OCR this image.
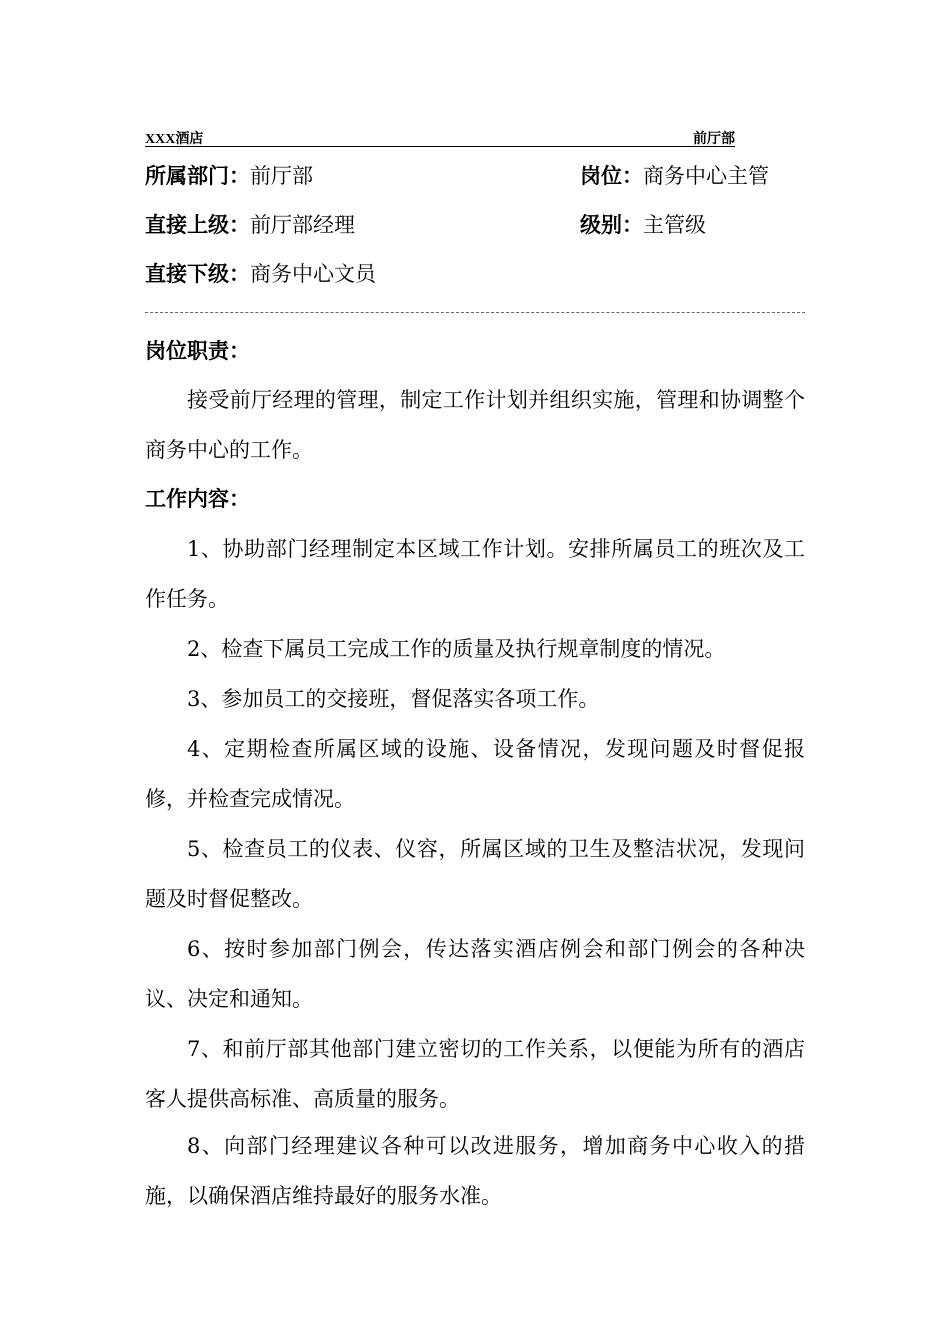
XXX酒店	前厅部
所属部门：前厅部	岗位：商务中心主管
直接上级：前厅部经理	级别：主管级
直接下级：商务中心文员
岗位职责：
接受前厅经理的管理，制定工作计划并组织实施，管理和协调整个商务中心的工作。
工作内容：
1、协助部门经理制定本区域工作计划。安排所属员工的班次及工作任务。
2、检查下属员工完成工作的质量及执行规章制度的情况。
3、参加员工的交接班，督促落实各项工作。
4、定期检查所属区域的设施、设备情况，发现问题及时督促报修，并检查完成情况。
5、检查员工的仪表、仪容，所属区域的卫生及整洁状况，发现问题及时督促整改。
6、按时参加部门例会，传达落实酒店例会和部门例会的各种决议、决定和通知。
7、和前厅部其他部门建立密切的工作关系，以便能为所有的酒店客人提供高标准、高质量的服务。
8、向部门经理建议各种可以改进服务，增加商务中心收入的措施，以确保酒店维持最好的服务水准。
